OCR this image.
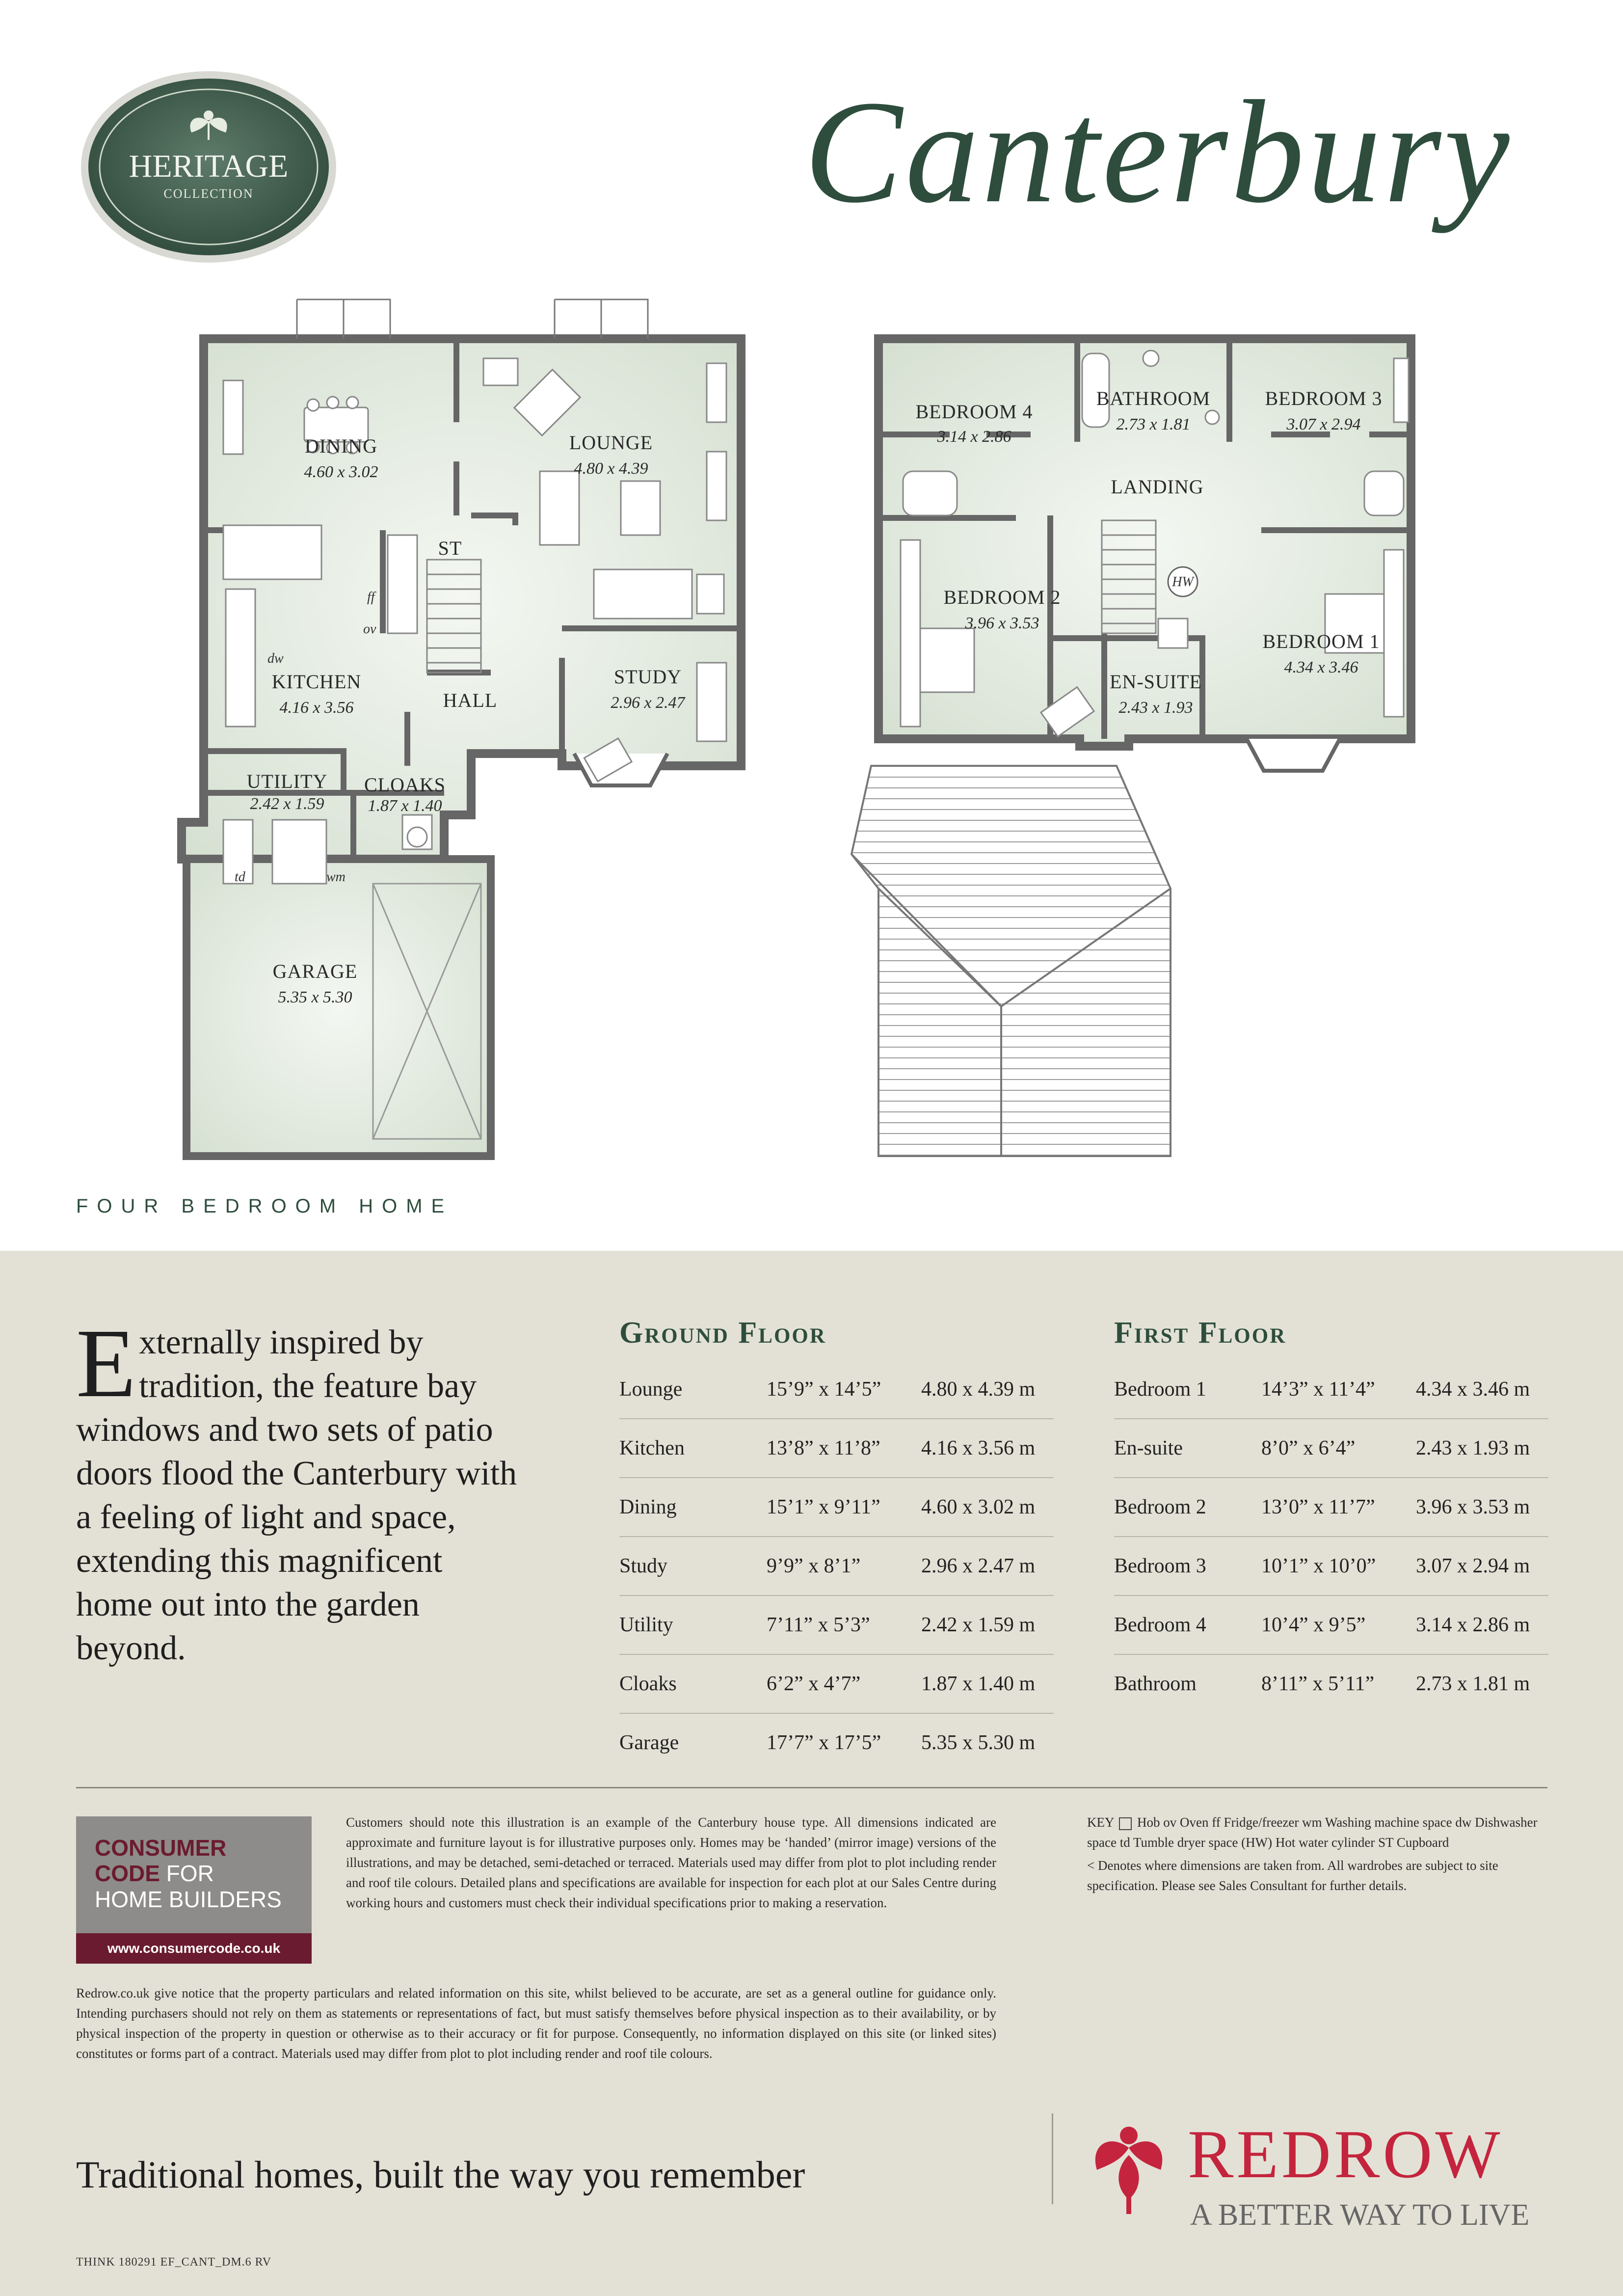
HERITAGE
COLLECTION	Canterbury
DINING
4.60 x 3.02
LOUNGE
4.80 x 4.39
KITCHEN
4.16 x 3.56
STUDY
2.96 x 2.47
HALL
UTILITY
2.42 x 1.59
CLOAKS
1.87 x 1.40
GARAGE
5.35 x 5.30
ST
ff
ov
dw
td	wm
HW
BEDROOM 4
3.14 x 2.86
BATHROOM
2.73 x 1.81
BEDROOM 3
3.07 x 2.94
LANDING
BEDROOM 2
3.96 x 3.53
BEDROOM 1
4.34 x 3.46
EN-SUITE
2.43 x 1.93
FOUR BEDROOM HOME
Externally inspired by tradition, the feature bay windows and two sets of patio doors flood the Canterbury with a feeling of light and space, extending this magnificent home out into the garden beyond.
Ground Floor
Lounge	15’9” x 14’5”	4.80 x 4.39 m
Kitchen	13’8” x 11’8”	4.16 x 3.56 m
Dining	15’1” x 9’11”	4.60 x 3.02 m
Study	9’9” x 8’1”	2.96 x 2.47 m
Utility	7’11” x 5’3”	2.42 x 1.59 m
Cloaks	6’2” x 4’7”	1.87 x 1.40 m
Garage	17’7” x 17’5”	5.35 x 5.30 m
First Floor
Bedroom 1	14’3” x 11’4”	4.34 x 3.46 m
En-suite	8’0” x 6’4”	2.43 x 1.93 m
Bedroom 2	13’0” x 11’7”	3.96 x 3.53 m
Bedroom 3	10’1” x 10’0”	3.07 x 2.94 m
Bedroom 4	10’4” x 9’5”	3.14 x 2.86 m
Bathroom	8’11” x 5’11”	2.73 x 1.81 m
CONSUMER
CODE FOR
HOME BUILDERS
www.consumercode.co.uk
Customers should note this illustration is an example of the Canterbury house type. All dimensions indicated are approximate and furniture layout is for illustrative purposes only. Homes may be ‘handed’ (mirror image) versions of the illustrations, and may be detached, semi-detached or terraced. Materials used may differ from plot to plot including render and roof tile colours. Detailed plans and specifications are available for inspection for each plot at our Sales Centre during working hours and customers must check their individual specifications prior to making a reservation.
KEY Hob ov Oven ff Fridge/freezer wm Washing machine space dw Dishwasher space td Tumble dryer space (HW) Hot water cylinder ST Cupboard
< Denotes where dimensions are taken from. All wardrobes are subject to site specification. Please see Sales Consultant for further details.
Redrow.co.uk give notice that the property particulars and related information on this site, whilst believed to be accurate, are set as a general outline for guidance only. Intending purchasers should not rely on them as statements or representations of fact, but must satisfy themselves before physical inspection as to their availability, or by physical inspection of the property in question or otherwise as to their accuracy or fit for purpose. Consequently, no information displayed on this site (or linked sites) constitutes or forms part of a contract. Materials used may differ from plot to plot including render and roof tile colours.
Traditional homes, built the way you remember	REDROW
A BETTER WAY TO LIVE
THINK 180291 EF_CANT_DM.6 RV
